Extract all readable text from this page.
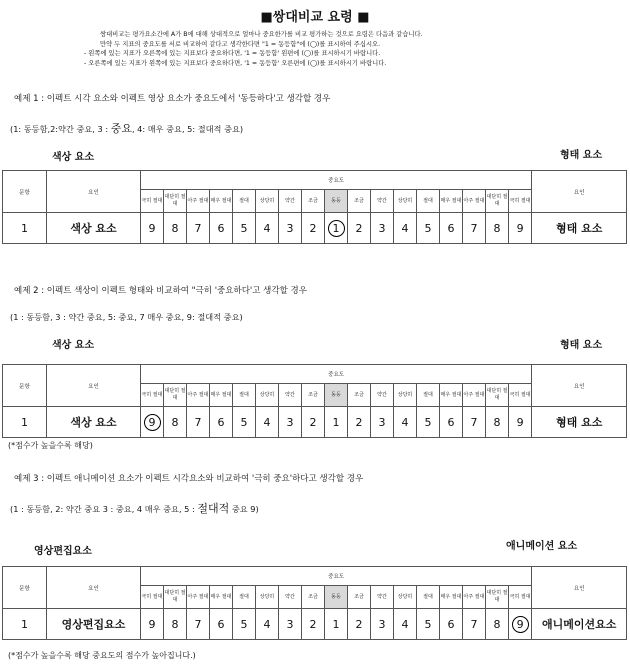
■쌍대비교 요령 ■
쌍대비교는 평가요소간에 A가 B에 대해 상대적으로 얼마나 중요한가를 비교 평가하는 것으로 요령은 다음과 같습니다.
만약 두 지표의 중요도를 서로 비교하여 같다고 생각한다면 "1 = 동등함"에 (◯)를 표시하여 주십시오.
- 왼쪽에 있는 지표가 오른쪽에 있는 지표보다 중요하다면, '1 = 동등함' 왼편에 (◯)를 표시하시기 바랍니다.
- 오른쪽에 있는 지표가 왼쪽에 있는 지표보다 중요하다면, '1 = 동등함' 오른편에 (◯)를 표시하시기 바랍니다.
예제 1 : 이펙트 시각 요소와 이펙트 영상 요소가 중요도에서 '동등하다'고 생각할 경우
(1: 동등함,2:약간 중요, 3 : 중요, 4: 매우 중요, 5: 절대적 중요)
색상 요소	형태 요소
문항	요인	중요도																	요인
		극히 절대	대단히 절대	아주 절대	매우 절대	절대	상당히	약간	조금	동등	조금	약간	상당히	절대	매우 절대	아주 절대	대단히 절대	극히 절대	
1	색상 요소	9	8	7	6	5	4	3	2	1	2	3	4	5	6	7	8	9	형태 요소
예제 2 : 이펙트 색상이 이펙트 형태와 비교하여 "극히 '중요하다'고 생각할 경우
(1 : 동등함, 3 : 약간 중요, 5: 중요, 7 매우 중요, 9: 절대적 중요)
색상 요소	형태 요소
문항	요인	중요도																	요인
		극히 절대	대단히 절대	아주 절대	매우 절대	절대	상당히	약간	조금	동등	조금	약간	상당히	절대	매우 절대	아주 절대	대단히 절대	극히 절대	
1	색상 요소	9	8	7	6	5	4	3	2	1	2	3	4	5	6	7	8	9	형태 요소
(*점수가 높을수록 해당)
예제 3 : 이펙트 애니메이션 요소가 이펙트 시각요소와 비교하여 '극히 중요'하다고 생각할 경우
(1 : 동등함, 2: 약간 중요 3 : 중요, 4 매우 중요, 5 : 절대적 중요 9)
영상편집요소	애니메이션 요소
문항	요인	중요도																	요인
		극히 절대	대단히 절대	아주 절대	매우 절대	절대	상당히	약간	조금	동등	조금	약간	상당히	절대	매우 절대	아주 절대	대단히 절대	극히 절대	
1	영상편집요소	9	8	7	6	5	4	3	2	1	2	3	4	5	6	7	8	9	애니메이션요소
(*점수가 높을수록 해당 중요도의 점수가 높아집니다.)
